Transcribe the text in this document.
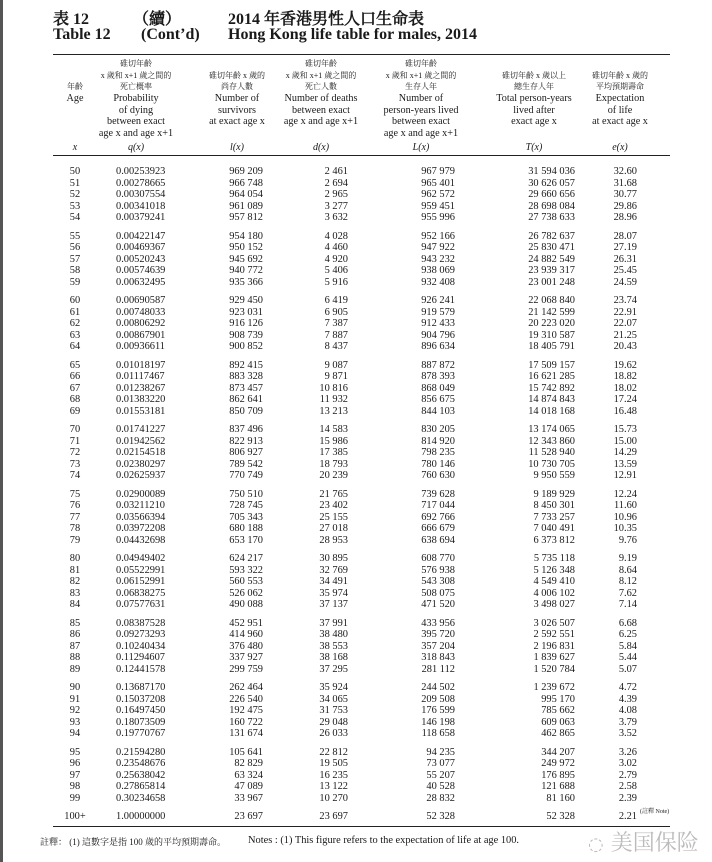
表 12	（續）	2014 年香港男性人口生命表
Table 12 (Cont’d) Hong Kong life table for males, 2014
年齡
Age
x
碓切年齡
x 歲和 x+1 歲之間的
死亡概率
Probability
of dying
between exact
age x and age x+1
q(x)
碓切年齡 x 歲的
尚存人數
Number of
survivors
at exact age x
l(x)
碓切年齡
x 歲和 x+1 歲之間的
死亡人數
Number of deaths
between exact
age x and age x+1
d(x)
碓切年齡
x 歲和 x+1 歲之間的
生存人年
Number of
person-years lived
between exact
age x and age x+1
L(x)
碓切年齡 x 歲以上
總生存人年
Total person-years
lived after
exact age x
T(x)
碓切年齡 x 歲的
平均預期壽命
Expectation
of life
at exact age x
e(x)
50	0.00253923	969 209	2 461	967 979	31 594 036	32.60
51	0.00278665	966 748	2 694	965 401	30 626 057	31.68
52	0.00307554	964 054	2 965	962 572	29 660 656	30.77
53	0.00341018	961 089	3 277	959 451	28 698 084	29.86
54	0.00379241	957 812	3 632	955 996	27 738 633	28.96
55	0.00422147	954 180	4 028	952 166	26 782 637	28.07
56	0.00469367	950 152	4 460	947 922	25 830 471	27.19
57	0.00520243	945 692	4 920	943 232	24 882 549	26.31
58	0.00574639	940 772	5 406	938 069	23 939 317	25.45
59	0.00632495	935 366	5 916	932 408	23 001 248	24.59
60	0.00690587	929 450	6 419	926 241	22 068 840	23.74
61	0.00748033	923 031	6 905	919 579	21 142 599	22.91
62	0.00806292	916 126	7 387	912 433	20 223 020	22.07
63	0.00867901	908 739	7 887	904 796	19 310 587	21.25
64	0.00936611	900 852	8 437	896 634	18 405 791	20.43
65	0.01018197	892 415	9 087	887 872	17 509 157	19.62
66	0.01117467	883 328	9 871	878 393	16 621 285	18.82
67	0.01238267	873 457	10 816	868 049	15 742 892	18.02
68	0.01383220	862 641	11 932	856 675	14 874 843	17.24
69	0.01553181	850 709	13 213	844 103	14 018 168	16.48
70	0.01741227	837 496	14 583	830 205	13 174 065	15.73
71	0.01942562	822 913	15 986	814 920	12 343 860	15.00
72	0.02154518	806 927	17 385	798 235	11 528 940	14.29
73	0.02380297	789 542	18 793	780 146	10 730 705	13.59
74	0.02625937	770 749	20 239	760 630	9 950 559	12.91
75	0.02900089	750 510	21 765	739 628	9 189 929	12.24
76	0.03211210	728 745	23 402	717 044	8 450 301	11.60
77	0.03566394	705 343	25 155	692 766	7 733 257	10.96
78	0.03972208	680 188	27 018	666 679	7 040 491	10.35
79	0.04432698	653 170	28 953	638 694	6 373 812	9.76
80	0.04949402	624 217	30 895	608 770	5 735 118	9.19
81	0.05522991	593 322	32 769	576 938	5 126 348	8.64
82	0.06152991	560 553	34 491	543 308	4 549 410	8.12
83	0.06838275	526 062	35 974	508 075	4 006 102	7.62
84	0.07577631	490 088	37 137	471 520	3 498 027	7.14
85	0.08387528	452 951	37 991	433 956	3 026 507	6.68
86	0.09273293	414 960	38 480	395 720	2 592 551	6.25
87	0.10240434	376 480	38 553	357 204	2 196 831	5.84
88	0.11294607	337 927	38 168	318 843	1 839 627	5.44
89	0.12441578	299 759	37 295	281 112	1 520 784	5.07
90	0.13687170	262 464	35 924	244 502	1 239 672	4.72
91	0.15037208	226 540	34 065	209 508	995 170	4.39
92	0.16497450	192 475	31 753	176 599	785 662	4.08
93	0.18073509	160 722	29 048	146 198	609 063	3.79
94	0.19770767	131 674	26 033	118 658	462 865	3.52
95	0.21594280	105 641	22 812	94 235	344 207	3.26
96	0.23548676	82 829	19 505	73 077	249 972	3.02
97	0.25638042	63 324	16 235	55 207	176 895	2.79
98	0.27865814	47 089	13 122	40 528	121 688	2.58
99	0.30234658	33 967	10 270	28 832	81 160	2.39
100+	1.00000000	23 697	23 697	52 328	52 328	2.21 (註釋 Note)
註釋： (1) 這數字是指 100 歲的平均預期壽命。 Notes : (1) This figure refers to the expectation of life at age 100.	◌ 美国保险
